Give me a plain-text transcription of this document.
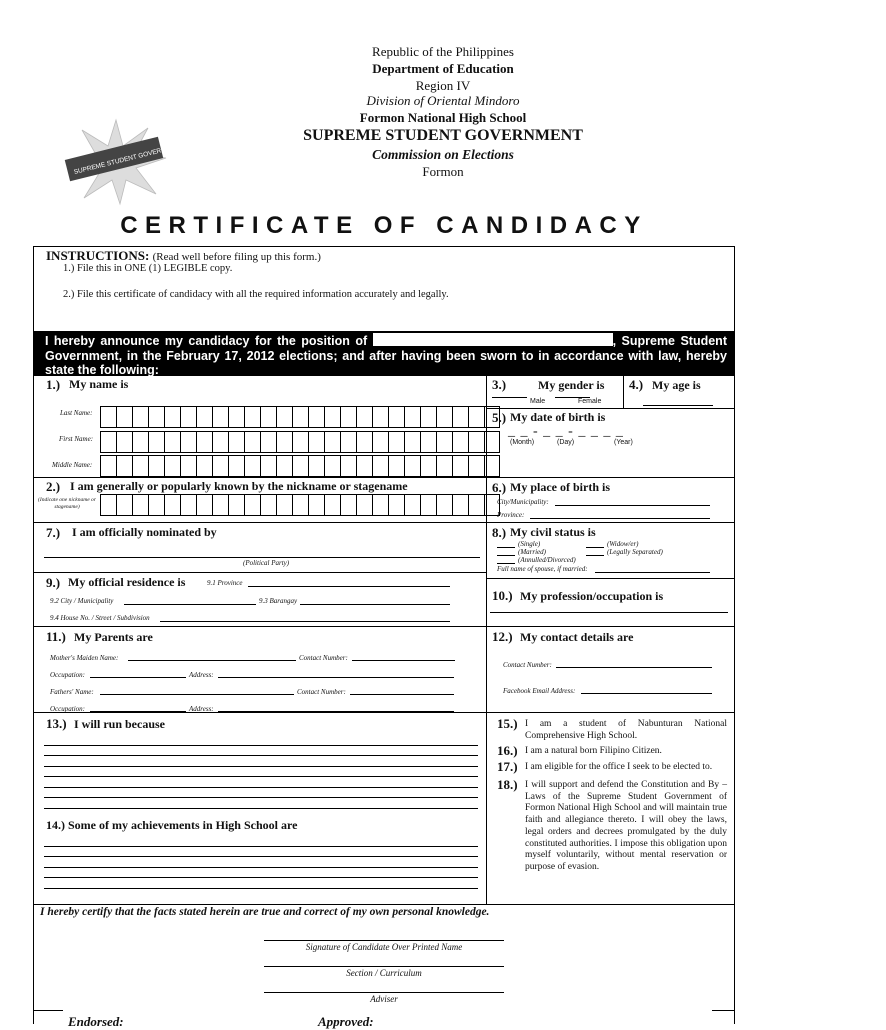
SUPREME STUDENT GOVERNMENT
Republic of the Philippines
Department of Education
Region IV
Division of Oriental Mindoro
Formon National High School
SUPREME STUDENT GOVERNMENT
Commission on Elections
Formon
CERTIFICATE OF CANDIDACY
INSTRUCTIONS: (Read well before filing up this form.)
1.) File this in ONE (1) LEGIBLE copy.
2.) File this certificate of candidacy with all the required information accurately and legally.
I hereby announce my candidacy for the position of	, Supreme Student Government, in the February 17, 2012 elections; and after having been sworn to in accordance with law, hereby state the following:
1.) My name is
Last Name:
First Name:
Middle Name:
3.)	My gender is
Male	Female
4.) My age is
5.) My date of birth is
_ _ - _ _ - _ _ _ _
(Month)	(Day)	(Year)
2.) I am generally or popularly known by the nickname or stagename
(Indicate one nickname or stagename)
6.) My place of birth is
City/Municipality:
Province:
7.) I am officially nominated by
(Political Party)
8.) My civil status is
(Single)	(Widow/er)
(Married)	(Legally Separated)
(Annulled/Divorced)
Full name of spouse, if married:
9.) My official residence is	9.1 Province
9.2 City / Municipality	9.3 Barangay
9.4 House No. / Street / Subdivision
10.) My profession/occupation is
11.) My Parents are
Mother's Maiden Name:	Contact Number:
Occupation:	Address:
Fathers' Name:	Contact Number:
Occupation:	Address:
12.) My contact details are
Contact Number:
Facebook Email Address:
13.) I will run because
14.) Some of my achievements in High School are
15.) I am a student of Nabunturan National Comprehensive High School.
16.) I am a natural born Filipino Citizen.
17.) I am eligible for the office I seek to be elected to.
18.) I will support and defend the Constitution and By – Laws of the Supreme Student Government of Formon National High School and will maintain true faith and allegiance thereto. I will obey the laws, legal orders and decrees promulgated by the duly constituted authorities. I impose this obligation upon myself voluntarily, without mental reservation or purpose of evasion.
I hereby certify that the facts stated herein are true and correct of my own personal knowledge.
Signature of Candidate Over Printed Name
Section / Curriculum
Adviser
Endorsed:	Approved:
